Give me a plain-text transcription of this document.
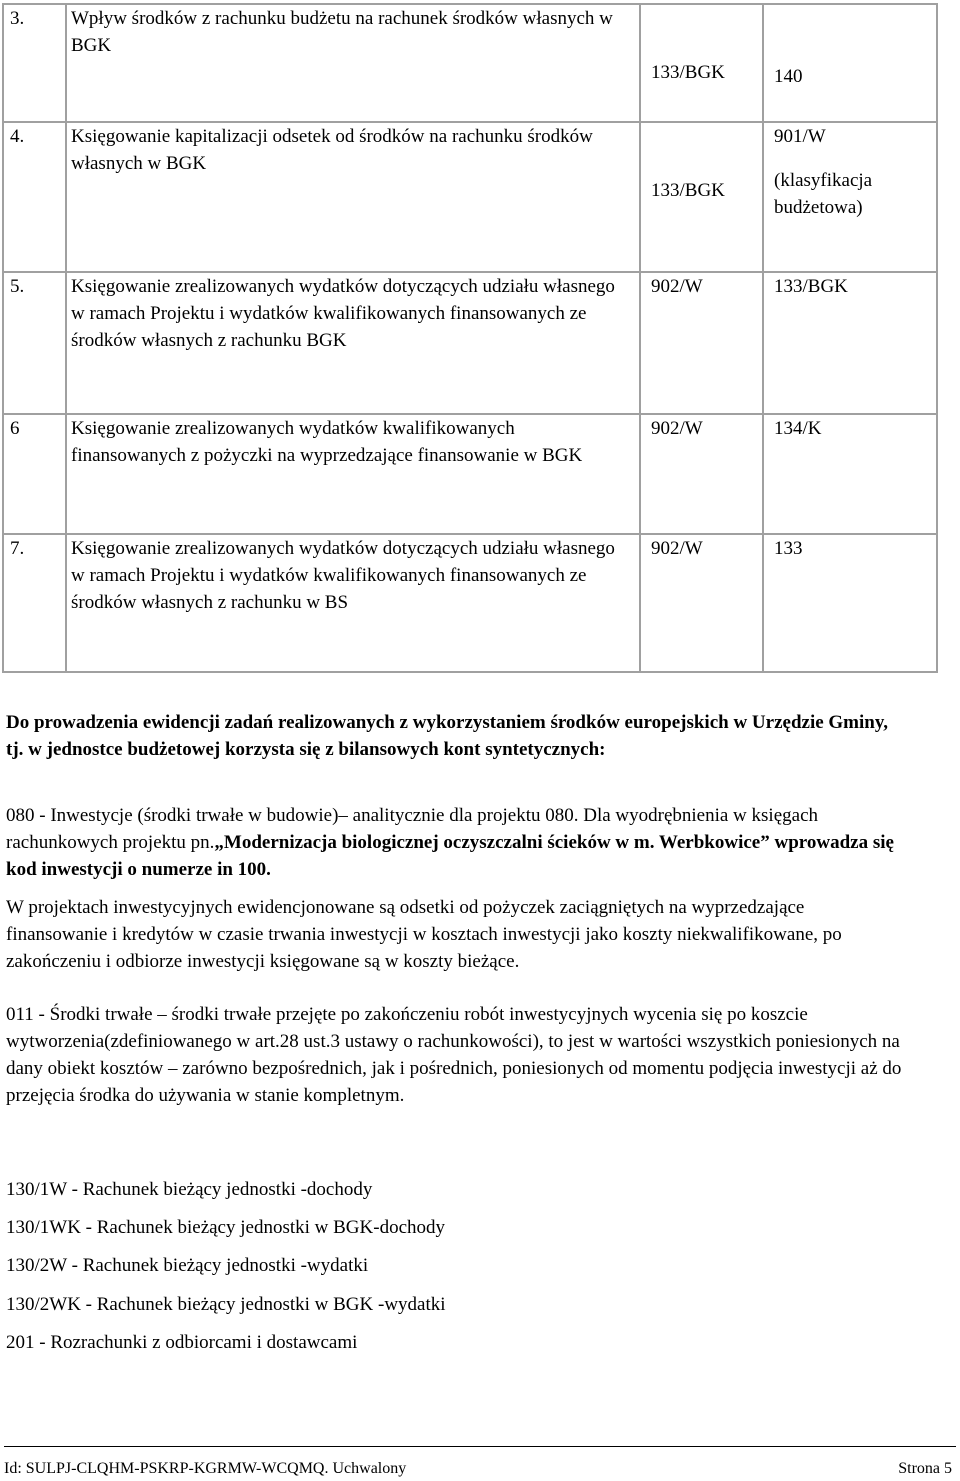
3.	Wpływ środków z rachunku budżetu na rachunek środków własnych w BGK	133/BGK	140
4.	Księgowanie kapitalizacji odsetek od środków na rachunku środków własnych w BGK	133/BGK	901/W
(klasyfikacja budżetowa)

5.	Księgowanie zrealizowanych wydatków dotyczących udziału własnego w ramach Projektu i wydatków kwalifikowanych finansowanych ze środków własnych z rachunku BGK	902/W	133/BGK
6	Księgowanie zrealizowanych wydatków kwalifikowanych finansowanych z pożyczki na wyprzedzające finansowanie w BGK	902/W	134/K
7.	Księgowanie zrealizowanych wydatków dotyczących udziału własnego w ramach Projektu i wydatków kwalifikowanych finansowanych ze środków własnych z rachunku w BS	902/W	133
Do prowadzenia ewidencji zadań realizowanych z wykorzystaniem środków europejskich w Urzędzie Gminy, tj. w jednostce budżetowej korzysta się z bilansowych kont syntetycznych:
080 - Inwestycje (środki trwałe w budowie)– analitycznie dla projektu 080. Dla wyodrębnienia w księgach rachunkowych projektu pn.„Modernizacja biologicznej oczyszczalni ścieków w m. Werbkowice” wprowadza się kod inwestycji o numerze in 100.
W projektach inwestycyjnych ewidencjonowane są odsetki od pożyczek zaciągniętych na wyprzedzające finansowanie i kredytów w czasie trwania inwestycji w kosztach inwestycji jako koszty niekwalifikowane, po zakończeniu i odbiorze inwestycji księgowane są w koszty bieżące.
011 - Środki trwałe – środki trwałe przejęte po zakończeniu robót inwestycyjnych wycenia się po koszcie wytworzenia(zdefiniowanego w art.28 ust.3 ustawy o rachunkowości), to jest w wartości wszystkich poniesionych na dany obiekt kosztów – zarówno bezpośrednich, jak i pośrednich, poniesionych od momentu podjęcia inwestycji aż do przejęcia środka do używania w stanie kompletnym.
130/1W - Rachunek bieżący jednostki -dochody
130/1WK - Rachunek bieżący jednostki w BGK-dochody
130/2W - Rachunek bieżący jednostki -wydatki
130/2WK - Rachunek bieżący jednostki w BGK -wydatki
201 - Rozrachunki z odbiorcami i dostawcami
Id: SULPJ-CLQHM-PSKRP-KGRMW-WCQMQ. Uchwalony	Strona 5
